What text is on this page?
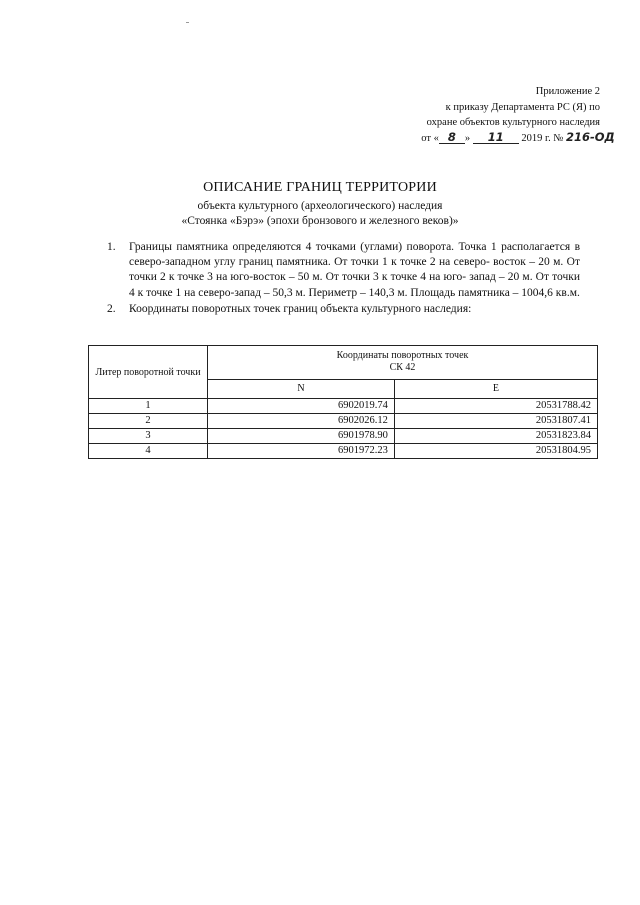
Приложение 2
к приказу Департамента РС (Я) по
охране объектов культурного наследия
от « 8 » 11 2019 г. № 216-ОД
ОПИСАНИЕ ГРАНИЦ ТЕРРИТОРИИ
объекта культурного (археологического) наследия
«Стоянка «Бэрэ» (эпохи бронзового и железного веков)»
1. Границы памятника определяются 4 точками (углами) поворота. Точка 1 располагается в северо-западном углу границ памятника. От точки 1 к точке 2 на северо- восток – 20 м. От точки 2 к точке 3 на юго-восток – 50 м. От точки 3 к точке 4 на юго- запад – 20 м. От точки 4 к точке 1 на северо-запад – 50,3 м. Периметр – 140,3 м. Площадь памятника – 1004,6 кв.м.
2. Координаты поворотных точек границ объекта культурного наследия:
Литер поворотной точки	Координаты поворотных точек
СК 42	

	N	E
1	6902019.74	20531788.42
2	6902026.12	20531807.41
3	6901978.90	20531823.84
4	6901972.23	20531804.95
